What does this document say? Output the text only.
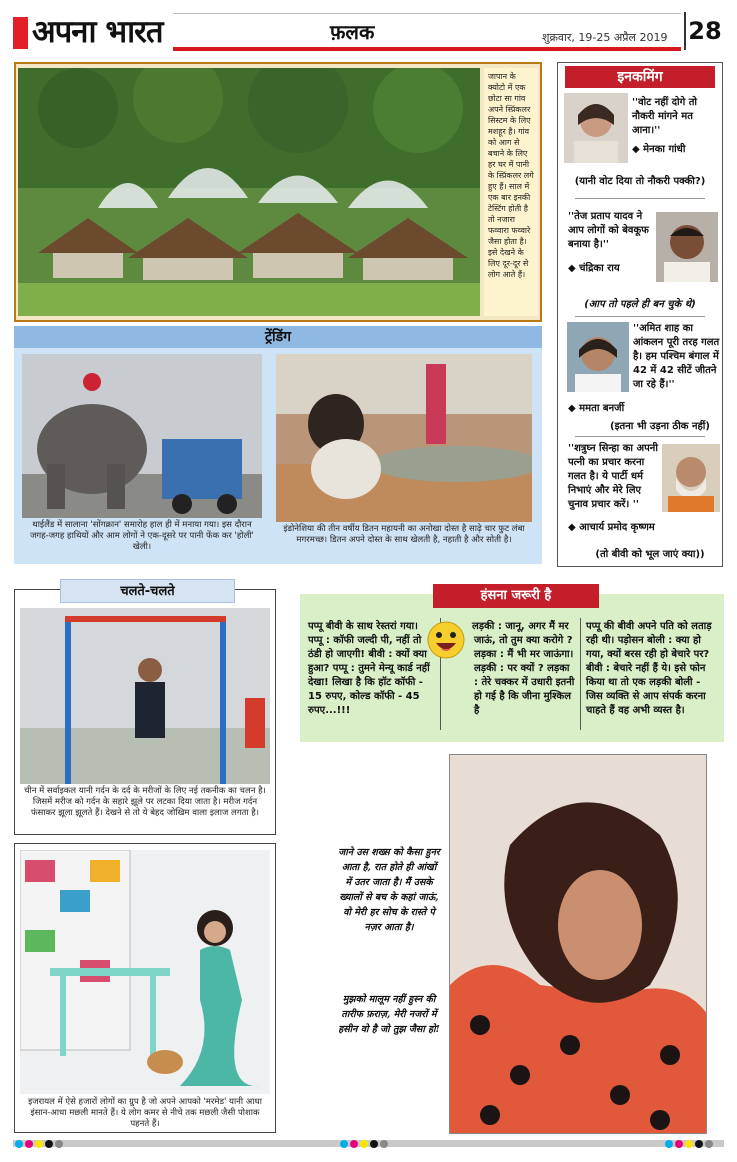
अपना भारत	फ़लक	शुक्रवार, 19-25 अप्रैल 2019 28
जापान के क्योटो में एक छोटा सा गांव अपने स्प्रिंकलर सिस्टम के लिए मशहूर है। गांव को आग से बचाने के लिए हर घर में पानी के स्प्रिंकलर लगे हुए हैं। साल में एक बार इनकी टेस्टिंग होती है तो नजारा फव्वारा फव्वारे जैसा होता है। इसे देखने के लिए दूर-दूर से लोग आते हैं।
ट्रेंडिंग
थाईलैंड में सालाना 'सोंगक्रान' समारोह हाल ही में मनाया गया। इस दौरान जगह-जगह हाथियों और आम लोगों ने एक-दूसरे पर पानी फेंक कर 'होली' खेली।
इंडोनेशिया की तीन वर्षीय डितन महायनी का अनोखा दोस्त है साढ़े चार फुट लंबा मगरमच्छ। डितन अपने दोस्त के साथ खेलती है, नहाती है और सोती है।
इनकमिंग
''वोट नहीं दोगे तो नौकरी मांगने मत आना।''
◆ मेनका गांधी
(यानी वोट दिया तो नौकरी पक्की?)
''तेज प्रताप यादव ने आप लोगों को बेवकूफ बनाया है।''
◆ चंद्रिका राय
(आप तो पहले ही बन चुके थे)
''अमित शाह का आंकलन पूरी तरह गलत है। हम पश्चिम बंगाल में 42 में 42 सीटें जीतने जा रहे हैं।''
◆ ममता बनर्जी
(इतना भी उड़ना ठीक नहीं)
''शत्रुघ्न सिन्हा का अपनी पत्नी का प्रचार करना गलत है। ये पार्टी धर्म निभाएं और मेरे लिए चुनाव प्रचार करें। ''
◆ आचार्य प्रमोद कृष्णम
(तो बीवी को भूल जाएं क्या))
चलते-चलते
चीन में सर्वाइकल यानी गर्दन के दर्द के मरीजों के लिए नई तकनीक का चलन है। जिसमें मरीज को गर्दन के सहारे झूले पर लटका दिया जाता है। मरीज गर्दन फंसाकर झूला झूलते हैं। देखने से तो ये बेहद जोखिम वाला इलाज लगता है।
हंसना जरूरी है
पप्पू बीवी के साथ रेस्तरां गया। पप्पू : कॉफी जल्दी पी, नहीं तो ठंडी हो जाएगी! बीवी : क्यों क्या हुआ? पप्पू : तुमने मेन्यू कार्ड नहीं देखा! लिखा है कि हॉट कॉफी - 15 रुपए, कोल्ड कॉफी - 45 रुपए...!!!
लड़की : जानू, अगर मैं मर जाऊं, तो तुम क्या करोगे ? लड़का : मैं भी मर जाऊंगा। लड़की : पर क्यों ? लड़का : तेरे चक्कर में उधारी इतनी हो गई है कि जीना मुश्किल है
पप्पू की बीवी अपने पति को लताड़ रही थी। पड़ोसन बोली : क्या हो गया, क्यों बरस रही हो बेचारे पर? बीवी : बेचारे नहीं हैं ये। इसे फोन किया था तो एक लड़की बोली - जिस व्यक्ति से आप संपर्क करना चाहते हैं वह अभी व्यस्त है।
इजरायल में ऐसे हजारों लोगों का ग्रुप है जो अपने आपको 'मरमेड' यानी आधा इंसान-आधा मछली मानते हैं। ये लोग कमर से नीचे तक मछली जैसी पोशाक पहनते हैं।
जाने उस शख्स को कैसा हुनर आता है, रात होते ही आंखों में उतर जाता है। मैं उसके ख्यालों से बच के कहां जाऊं, वो मेरी हर सोच के रास्ते पे नज़र आता है।
मुझको मालूम नहीं हुस्न की तारीफ फ़राज़, मेरी नजरों में हसीन वो है जो तुझ जैसा हो!
